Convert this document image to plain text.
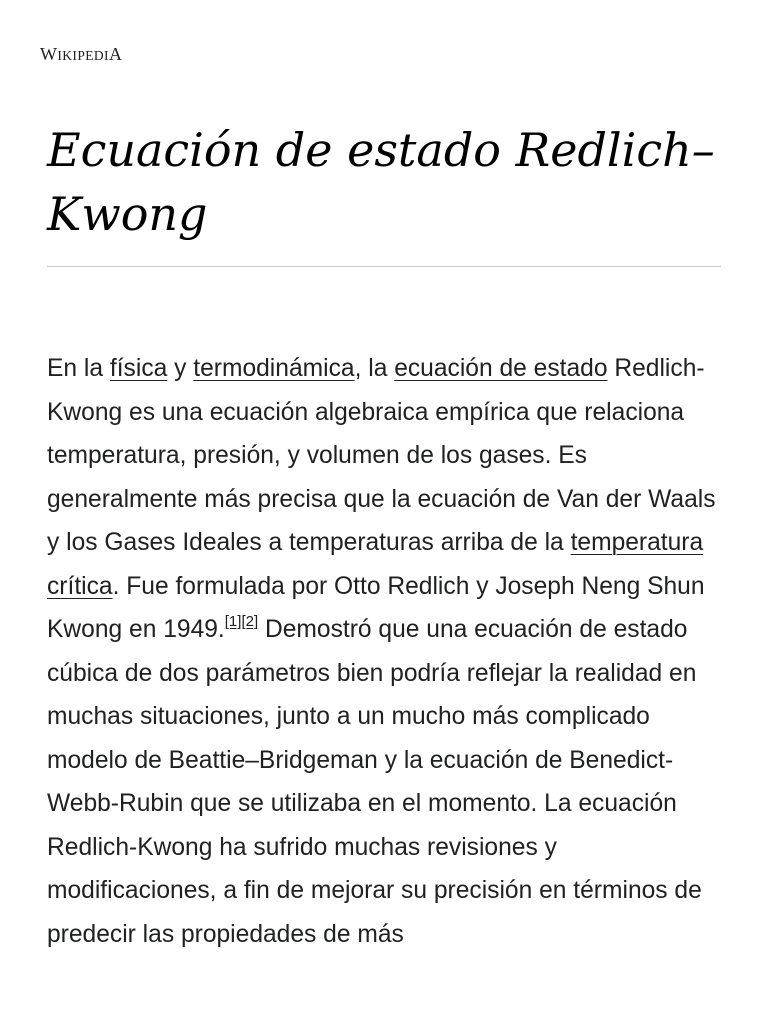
WIKIPEDIA
Ecuación de estado Redlich–Kwong

En la física y termodinámica, la ecuación de estado Redlich-Kwong es una ecuación algebraica empírica que relaciona temperatura, presión, y volumen de los gases. Es generalmente más precisa que la ecuación de Van der Waals y los Gases Ideales a temperaturas arriba de la temperatura crítica. Fue formulada por Otto Redlich y Joseph Neng Shun Kwong en 1949.[1][2] Demostró que una ecuación de estado cúbica de dos parámetros bien podría reflejar la realidad en muchas situaciones, junto a un mucho más complicado modelo de Beattie–Bridgeman y la ecuación de Benedict-Webb-Rubin que se utilizaba en el momento. La ecuación Redlich-Kwong ha sufrido muchas revisiones y modificaciones, a fin de mejorar su precisión en términos de predecir las propiedades de más
